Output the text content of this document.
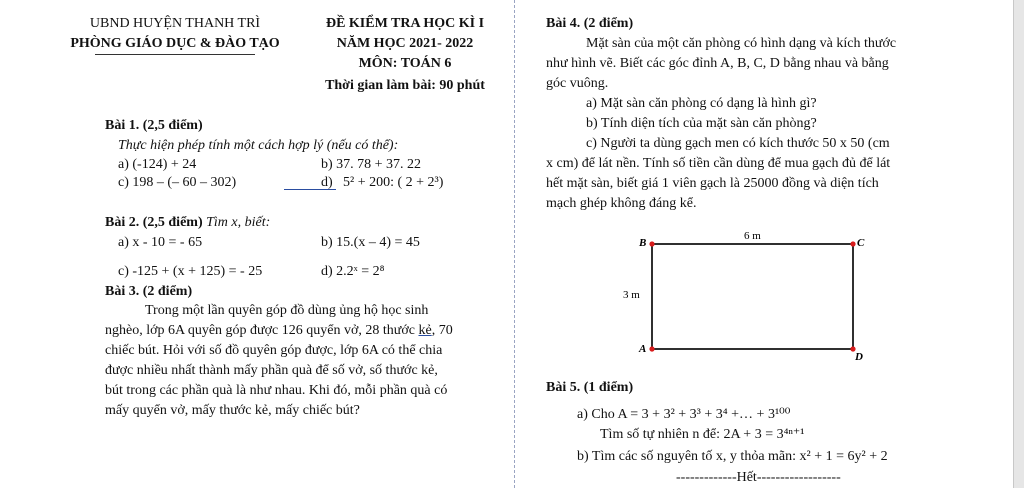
UBND HUYỆN THANH TRÌ
PHÒNG GIÁO DỤC & ĐÀO TẠO
ĐỀ KIỂM TRA HỌC KÌ I
NĂM HỌC 2021- 2022
MÔN: TOÁN 6
Thời gian làm bài: 90 phút
Bài 1. (2,5 điểm)
Thực hiện phép tính một cách hợp lý (nếu có thể):
a) (-124) + 24	b) 37. 78 + 37. 22
c) 198 – (– 60 – 302)	d) 5² + 200: ( 2 + 2³)
Bài 2. (2,5 điểm) Tìm x, biết:
a) x - 10 = - 65	b) 15.(x – 4) = 45
c) -125 + (x + 125) = - 25	d) 2.2ˣ = 2⁸
Bài 3. (2 điểm)
Trong một lần quyên góp đồ dùng ủng hộ học sinh
nghèo, lớp 6A quyên góp được 126 quyển vở, 28 thước kẻ, 70
chiếc bút. Hỏi với số đồ quyên góp được, lớp 6A có thể chia
được nhiều nhất thành mấy phần quà để số vở, số thước kẻ,
bút trong các phần quà là như nhau. Khi đó, mỗi phần quà có
mấy quyển vở, mấy thước kẻ, mấy chiếc bút?
Bài 4. (2 điểm)
Mặt sàn của một căn phòng có hình dạng và kích thước
như hình vẽ. Biết các góc đỉnh A, B, C, D bằng nhau và bằng
góc vuông.
a) Mặt sàn căn phòng có dạng là hình gì?
b) Tính diện tích của mặt sàn căn phòng?
c) Người ta dùng gạch men có kích thước 50 x 50 (cm
x cm) để lát nền. Tính số tiền cần dùng để mua gạch đủ để lát
hết mặt sàn, biết giá 1 viên gạch là 25000 đồng và diện tích
mạch ghép không đáng kể.
B	C
A
D
6 m
3 m
Bài 5. (1 điểm)
a) Cho A = 3 + 3² + 3³ + 3⁴ +… + 3¹⁰⁰
Tìm số tự nhiên n để: 2A + 3 = 3⁴ⁿ⁺¹
b) Tìm các số nguyên tố x, y thỏa mãn: x² + 1 = 6y² + 2
-------------Hết------------------
